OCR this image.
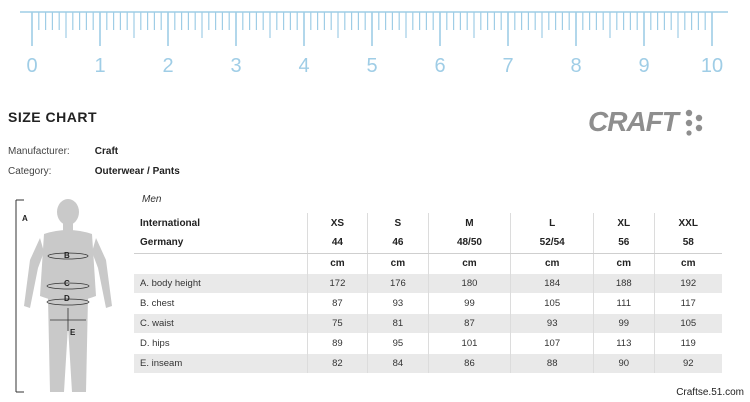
0	1	2	3	4	5	6	7	8	9	10
SIZE CHART	CRAFT
Manufacturer:	Craft
Category:	Outerwear / Pants
A
B
C
D
E
Men
International	XS	S	M	L	XL	XXL
Germany	44	46	48/50	52/54	56	58
	cm	cm	cm	cm	cm	cm
A. body height	172	176	180	184	188	192
B. chest	87	93	99	105	111	117
C. waist	75	81	87	93	99	105
D. hips	89	95	101	107	113	119
E. inseam	82	84	86	88	90	92
Craftse.51.com
